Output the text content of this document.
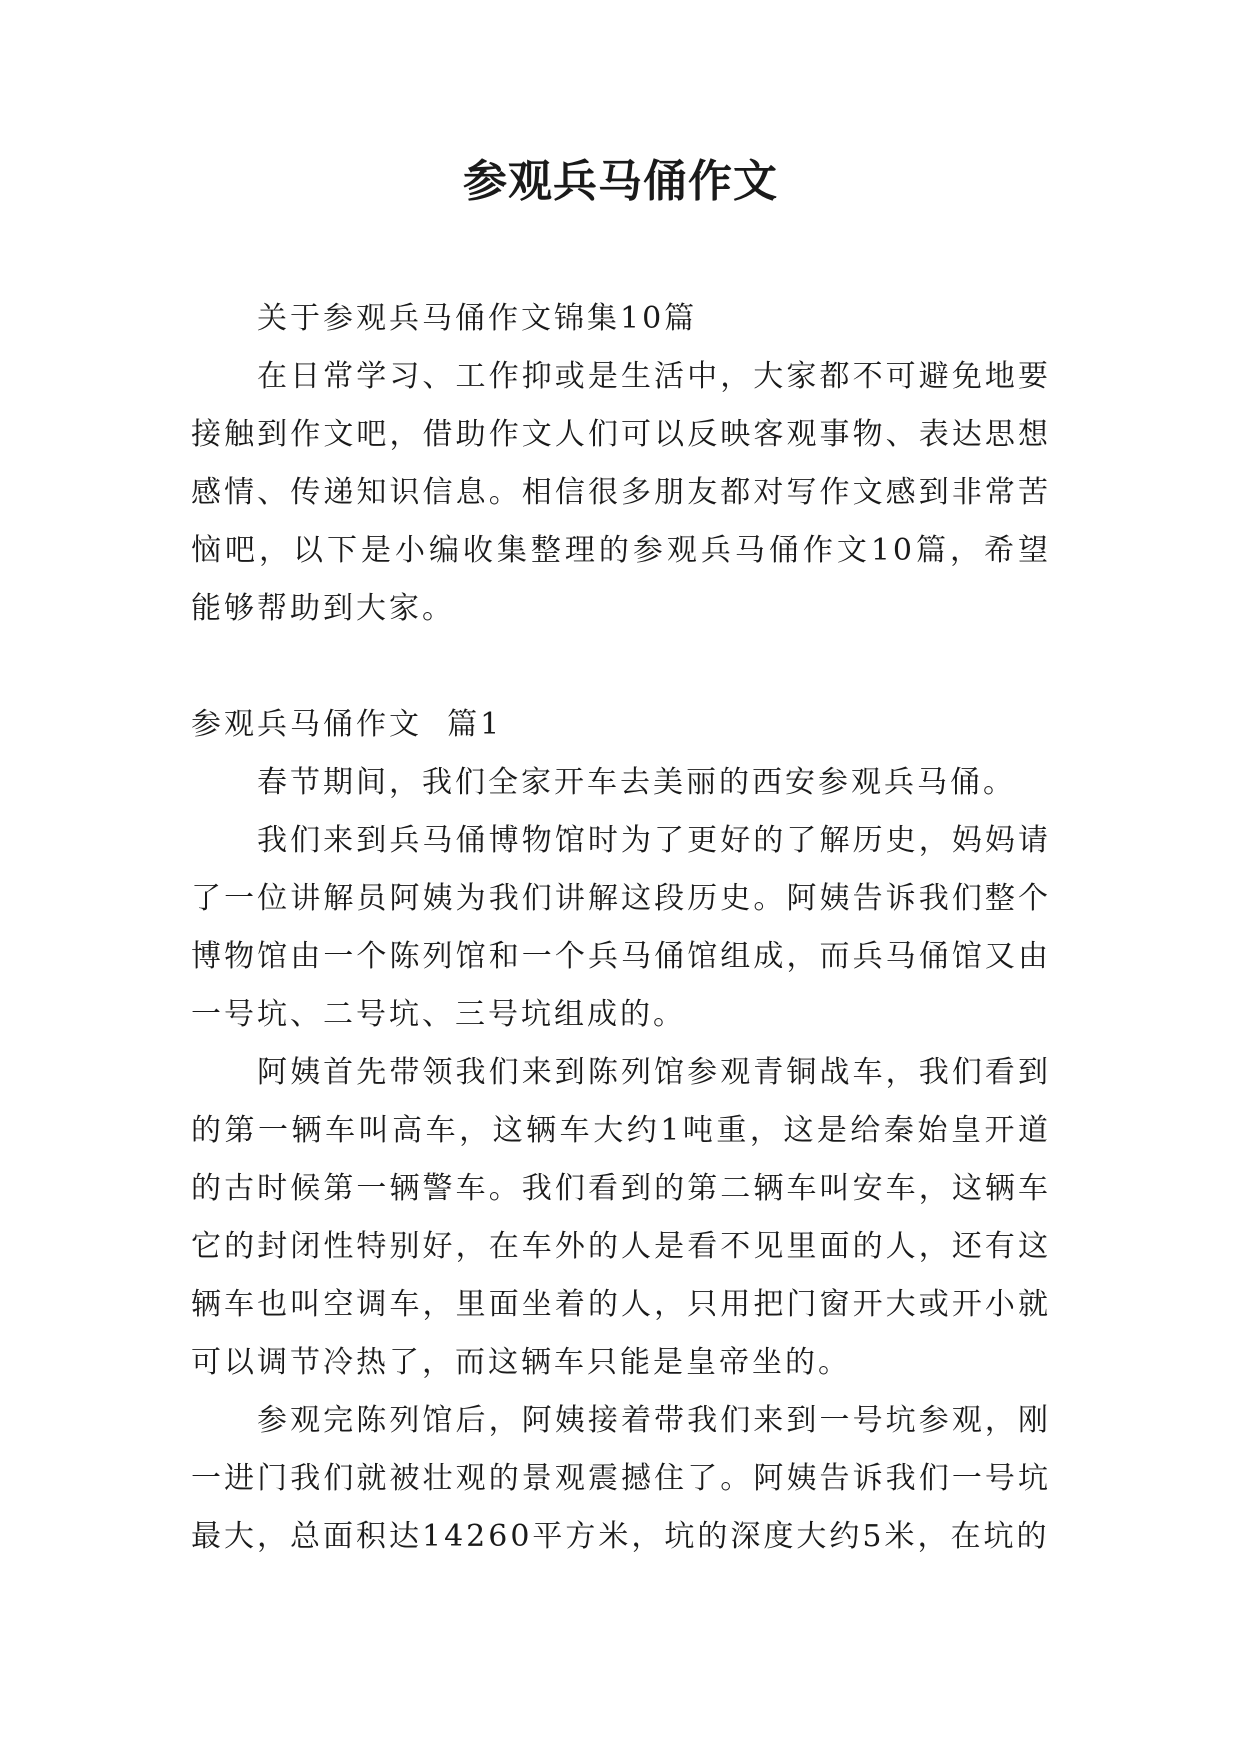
参观兵马俑作文

关于参观兵马俑作文锦集10篇

在日常学习、工作抑或是生活中，大家都不可避免地要接触到作文吧，借助作文人们可以反映客观事物、表达思想感情、传递知识信息。相信很多朋友都对写作文感到非常苦恼吧，以下是小编收集整理的参观兵马俑作文10篇，希望能够帮助到大家。

参观兵马俑作文  篇1

春节期间，我们全家开车去美丽的西安参观兵马俑。

我们来到兵马俑博物馆时为了更好的了解历史，妈妈请了一位讲解员阿姨为我们讲解这段历史。阿姨告诉我们整个博物馆由一个陈列馆和一个兵马俑馆组成，而兵马俑馆又由一号坑、二号坑、三号坑组成的。

阿姨首先带领我们来到陈列馆参观青铜战车，我们看到的第一辆车叫高车，这辆车大约1吨重，这是给秦始皇开道的古时候第一辆警车。我们看到的第二辆车叫安车，这辆车它的封闭性特别好，在车外的人是看不见里面的人，还有这辆车也叫空调车，里面坐着的人，只用把门窗开大或开小就可以调节冷热了，而这辆车只能是皇帝坐的。

参观完陈列馆后，阿姨接着带我们来到一号坑参观，刚一进门我们就被壮观的景观震撼住了。阿姨告诉我们一号坑最大，总面积达14260平方米，坑的深度大约5米，在坑的
